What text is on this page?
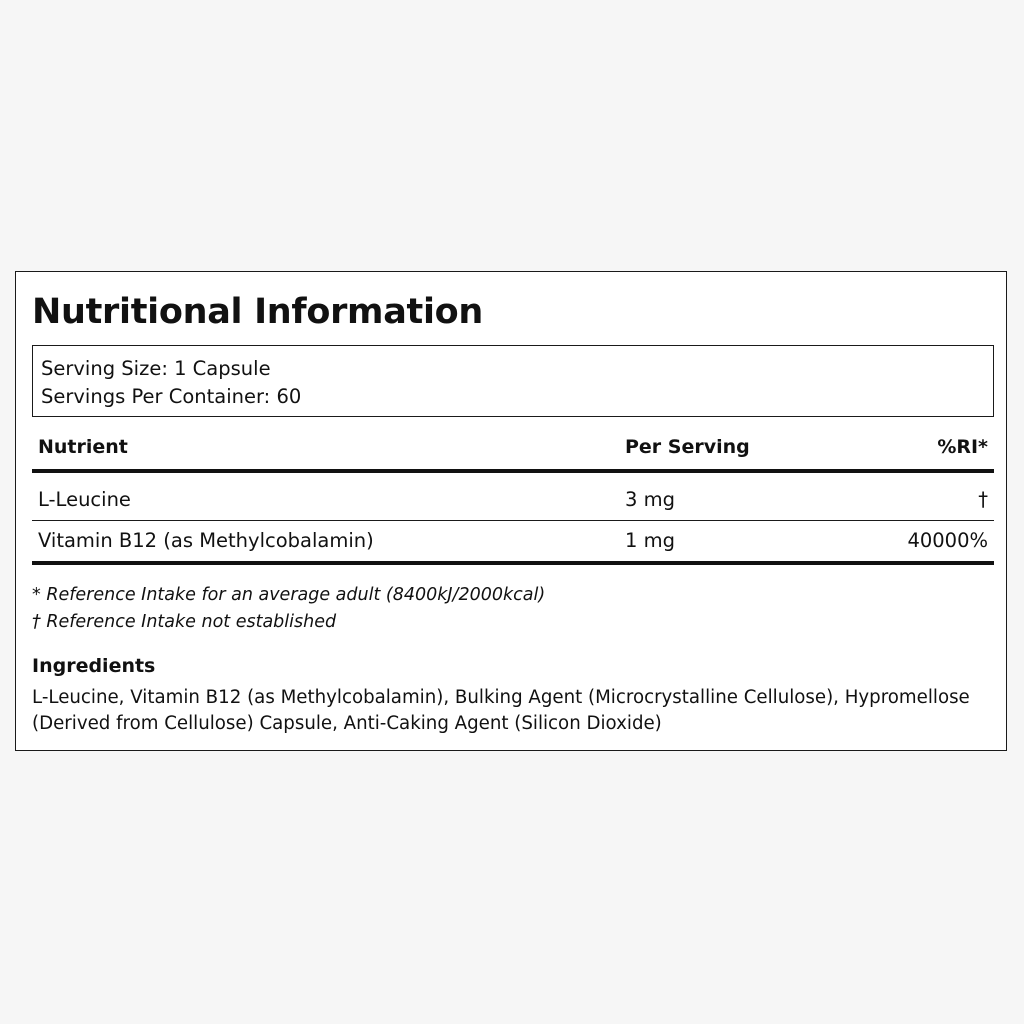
Nutritional Information
Serving Size: 1 Capsule
Servings Per Container: 60
Nutrient	Per Serving	%RI*
L-Leucine	3 mg	†
Vitamin B12 (as Methylcobalamin)	1 mg	40000%
* Reference Intake for an average adult (8400kJ/2000kcal)
† Reference Intake not established
Ingredients

L-Leucine, Vitamin B12 (as Methylcobalamin), Bulking Agent (Microcrystalline Cellulose), Hypromellose (Derived from Cellulose) Capsule, Anti-Caking Agent (Silicon Dioxide)
